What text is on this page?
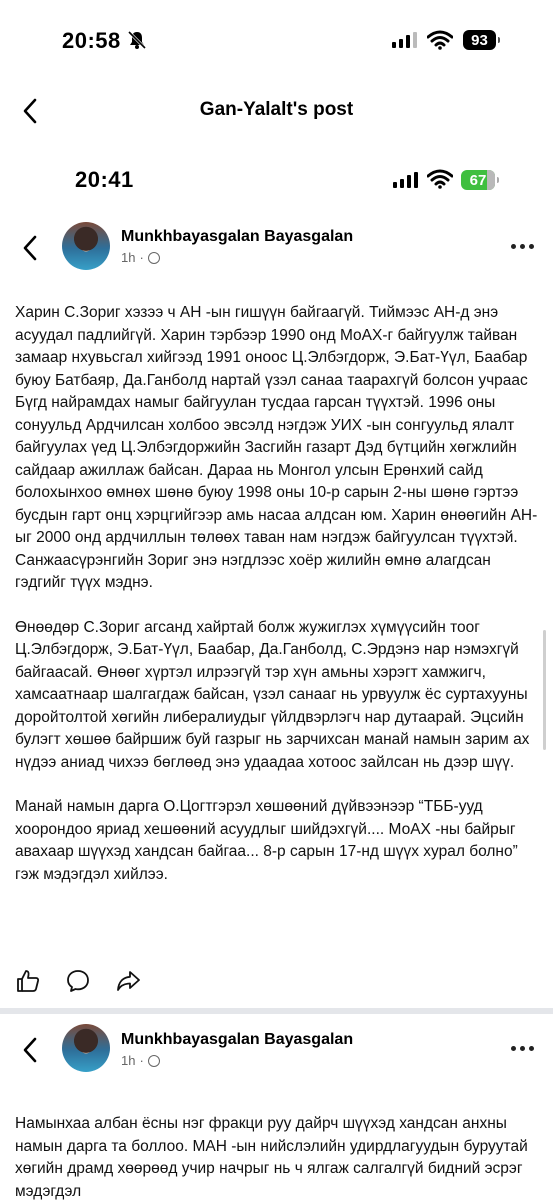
20:58	93
Gan-Yalalt's post
20:41	67
Munkhbayasgalan Bayasgalan
1h ·

Харин С.Зориг хэзээ ч АН -ын гишүүн байгаагүй. Тиймээс АН-д энэ асуудал падлийгүй. Харин тэрбээр 1990 онд МоАХ-г байгуулж тайван замаар нхувьсгал хийгээд 1991 оноос Ц.Элбэгдорж, Э.Бат-Үүл, Баабар буюу Батбаяр, Да.Ганболд нартай үзэл санаа таарахгүй болсон учраас Бүгд найрамдах намыг байгуулан тусдаа гарсан түүхтэй. 1996 оны сонуульд Ардчилсан холбоо эвсэлд нэгдэж УИХ -ын сонгуульд ялалт байгуулах үед Ц.Элбэгдоржийн Засгийн газарт Дэд бүтцийн хөгжлийн сайдаар ажиллаж байсан. Дараа нь Монгол улсын Ерөнхий сайд болохынхоо өмнөх шөнө буюу 1998 оны 10-р сарын 2-ны шөнө гэртээ бусдын гарт онц хэрцгийгээр амь насаа алдсан юм. Харин өнөөгийн АН-ыг 2000 онд ардчиллын төлөөх таван нам нэгдэж байгуулсан түүхтэй. Санжаасүрэнгийн Зориг энэ нэгдлээс хоёр жилийн өмнө алагдсан гэдгийг түүх мэднэ.

Өнөөдөр С.Зориг агсанд хайртай болж жужиглэх хүмүүсийн тоог Ц.Элбэгдорж, Э.Бат-Үүл, Баабар, Да.Ганболд, С.Эрдэнэ нар нэмэхгүй байгаасай. Өнөөг хүртэл илрээгүй тэр хүн амьны хэрэгт хамжигч, хамсаатнаар шалгагдаж байсан, үзэл санааг нь урвуулж ёс суртахууны доройтолтой хөгийн либералиудыг үйлдвэрлэгч нар дутаарай. Эцсийн булэгт хөшөө байршиж буй газрыг нь зарчихсан манай намын зарим ах нүдээ аниад чихээ бөглөөд энэ удаадаа хотоос зайлсан нь дээр шүү.

Манай намын дарга О.Цогтгэрэл хөшөөний дүйвээнээр “ТББ-ууд хоорондоо яриад хешөөний асуудлыг шийдэхгүй.... МоАХ -ны байрыг авахаар шүүхэд хандсан байгаа... 8-р сарын 17-нд шүүх хурал болно” гэж мэдэгдэл хийлээ.

Munkhbayasgalan Bayasgalan
1h ·

Намынхаа албан ёсны нэг фракци руу дайрч шүүхэд хандсан анхны намын дарга та боллоо. МАН -ын нийслэлийн удирдлагуудын буруутай хөгийн драмд хөөрөөд учир начрыг нь ч ялгаж салгалгүй бидний эсрэг мэдэгдэл
